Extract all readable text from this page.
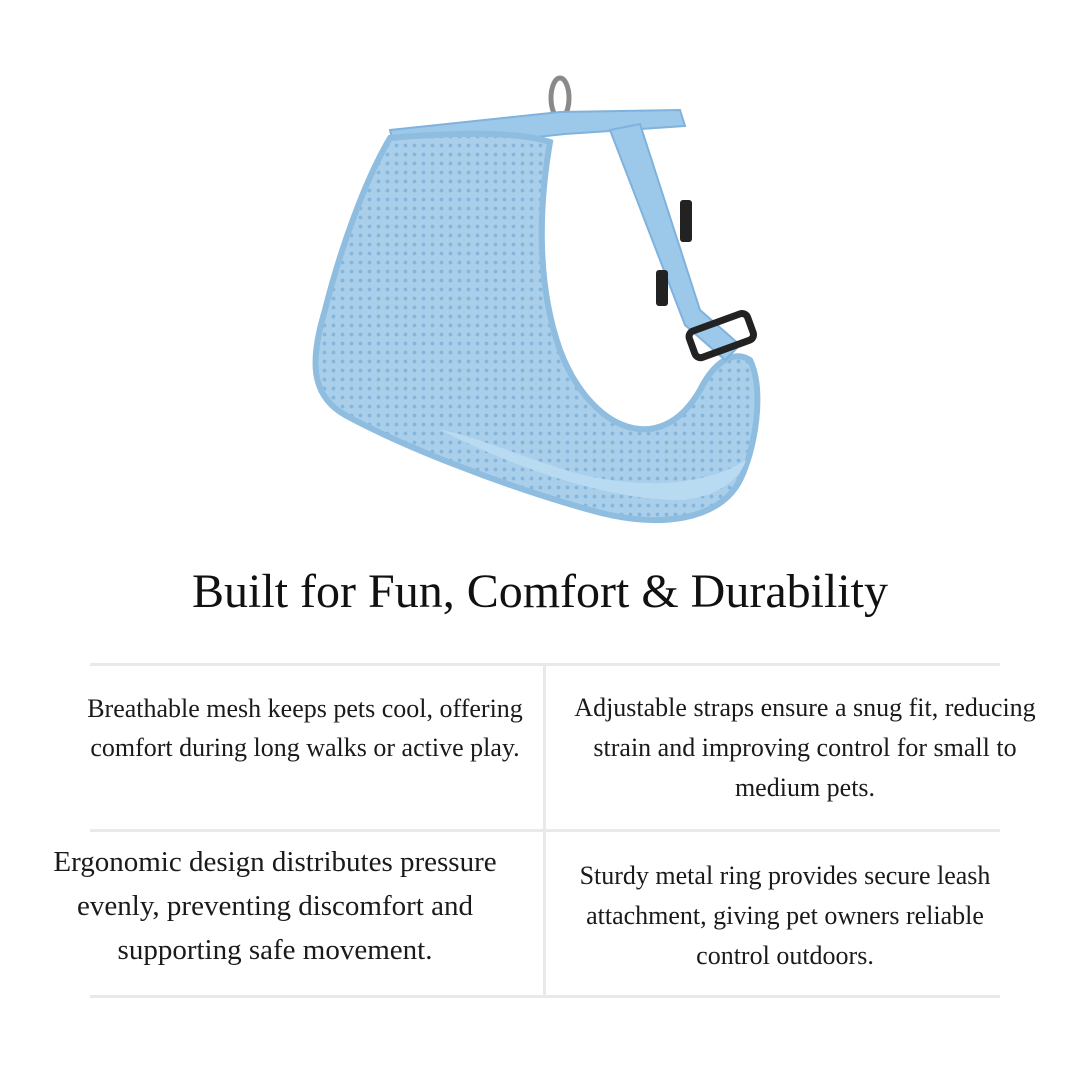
Built for Fun, Comfort & Durability

Breathable mesh keeps pets cool, offering comfort during long walks or active play.

Adjustable straps ensure a snug fit, reducing strain and improving control for small to medium pets.

Ergonomic design distributes pressure evenly, preventing discomfort and supporting safe movement.

Sturdy metal ring provides secure leash attachment, giving pet owners reliable control outdoors.
